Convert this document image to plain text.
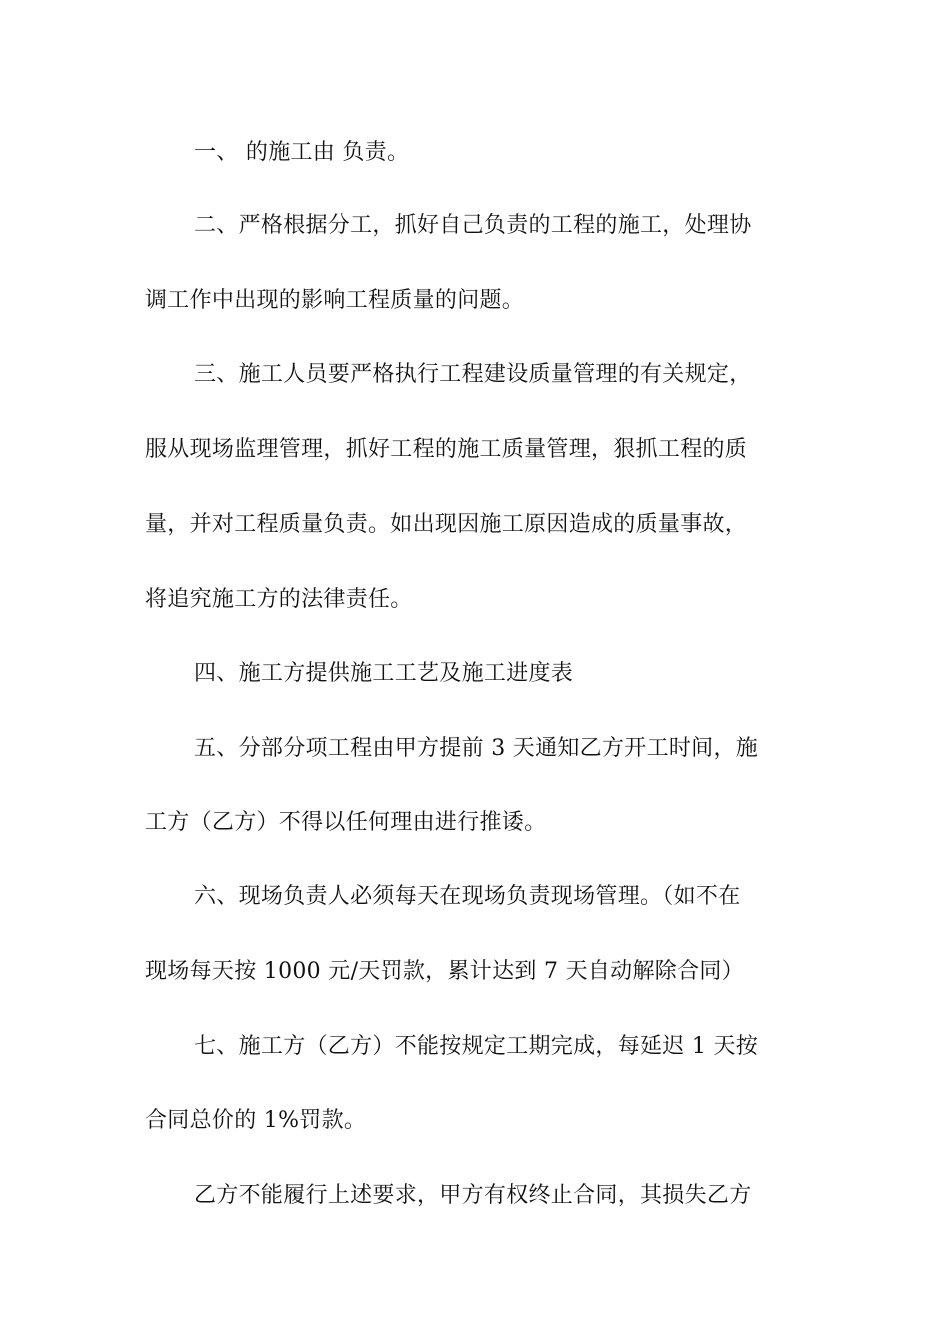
一、 的施工由 负责。
二、严格根据分工，抓好自己负责的工程的施工，处理协
调工作中出现的影响工程质量的问题。
三、施工人员要严格执行工程建设质量管理的有关规定，
服从现场监理管理，抓好工程的施工质量管理，狠抓工程的质
量，并对工程质量负责。如出现因施工原因造成的质量事故，
将追究施工方的法律责任。
四、施工方提供施工工艺及施工进度表
五、分部分项工程由甲方提前 3 天通知乙方开工时间，施
工方（乙方）不得以任何理由进行推诿。
六、现场负责人必须每天在现场负责现场管理。（如不在
现场每天按 1000 元/天罚款，累计达到 7 天自动解除合同）
七、施工方（乙方）不能按规定工期完成，每延迟 1 天按
合同总价的 1%罚款。
乙方不能履行上述要求，甲方有权终止合同，其损失乙方
